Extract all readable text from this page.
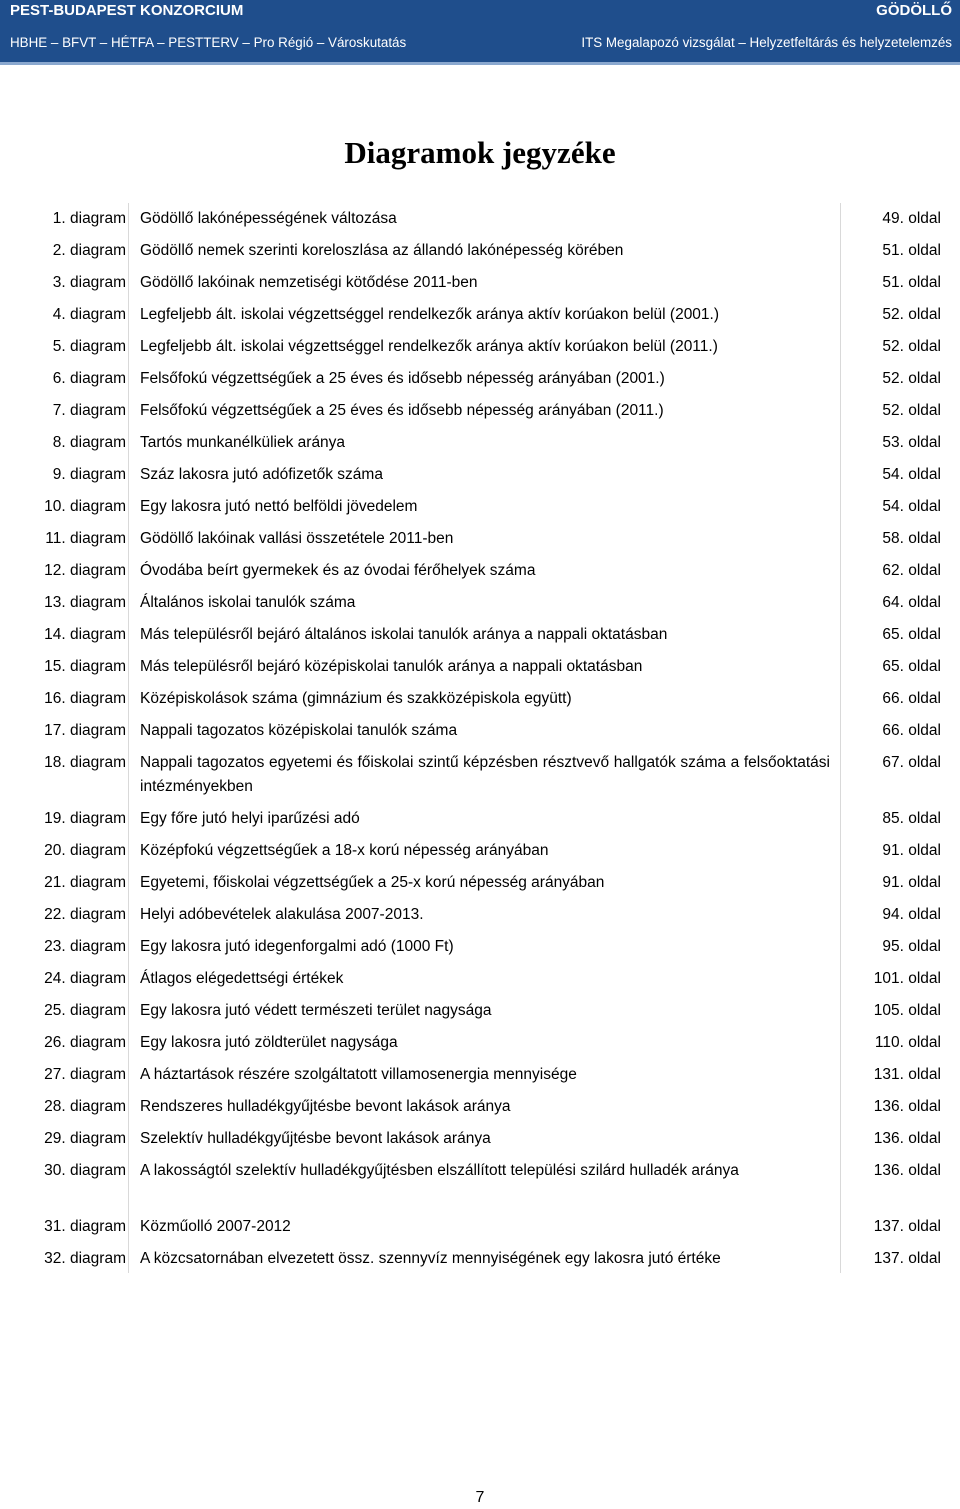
PEST-BUDAPEST KONZORCIUM	GÖDÖLLŐ
HBHE – BFVT – HÉTFA – PESTTERV – Pro Régió – Városkutatás	ITS Megalapozó vizsgálat – Helyzetfeltárás és helyzetelemzés
Diagramok jegyzéke
1. diagram Gödöllő lakónépességének változása	49. oldal
2. diagram Gödöllő nemek szerinti koreloszlása az állandó lakónépesség körében	51. oldal
3. diagram Gödöllő lakóinak nemzetiségi kötődése 2011-ben	51. oldal
4. diagram Legfeljebb ált. iskolai végzettséggel rendelkezők aránya aktív korúakon belül (2001.)	52. oldal
5. diagram Legfeljebb ált. iskolai végzettséggel rendelkezők aránya aktív korúakon belül (2011.)	52. oldal
6. diagram Felsőfokú végzettségűek a 25 éves és idősebb népesség arányában (2001.)	52. oldal
7. diagram Felsőfokú végzettségűek a 25 éves és idősebb népesség arányában (2011.)	52. oldal
8. diagram Tartós munkanélküliek aránya	53. oldal
9. diagram Száz lakosra jutó adófizetők száma	54. oldal
10. diagram Egy lakosra jutó nettó belföldi jövedelem	54. oldal
11. diagram Gödöllő lakóinak vallási összetétele 2011-ben	58. oldal
12. diagram Óvodába beírt gyermekek és az óvodai férőhelyek száma	62. oldal
13. diagram Általános iskolai tanulók száma	64. oldal
14. diagram Más településről bejáró általános iskolai tanulók aránya a nappali oktatásban	65. oldal
15. diagram Más településről bejáró középiskolai tanulók aránya a nappali oktatásban	65. oldal
16. diagram Középiskolások száma (gimnázium és szakközépiskola együtt)	66. oldal
17. diagram Nappali tagozatos középiskolai tanulók száma	66. oldal
18. diagram Nappali tagozatos egyetemi és főiskolai szintű képzésben résztvevő hallgatók száma a felsőoktatási intézményekben
67. oldal
19. diagram Egy főre jutó helyi iparűzési adó	85. oldal
20. diagram Középfokú végzettségűek a 18-x korú népesség arányában	91. oldal
21. diagram Egyetemi, főiskolai végzettségűek a 25-x korú népesség arányában	91. oldal
22. diagram Helyi adóbevételek alakulása 2007-2013.	94. oldal
23. diagram Egy lakosra jutó idegenforgalmi adó (1000 Ft)	95. oldal
24. diagram Átlagos elégedettségi értékek	101. oldal
25. diagram Egy lakosra jutó védett természeti terület nagysága	105. oldal
26. diagram Egy lakosra jutó zöldterület nagysága	110. oldal
27. diagram A háztartások részére szolgáltatott villamosenergia mennyisége	131. oldal
28. diagram Rendszeres hulladékgyűjtésbe bevont lakások aránya	136. oldal
29. diagram Szelektív hulladékgyűjtésbe bevont lakások aránya	136. oldal
30. diagram A lakosságtól szelektív hulladékgyűjtésben elszállított települési szilárd hulladék aránya	136. oldal
31. diagram Közműolló 2007-2012	137. oldal
32. diagram A közcsatornában elvezetett össz. szennyvíz mennyiségének egy lakosra jutó értéke	137. oldal
7
